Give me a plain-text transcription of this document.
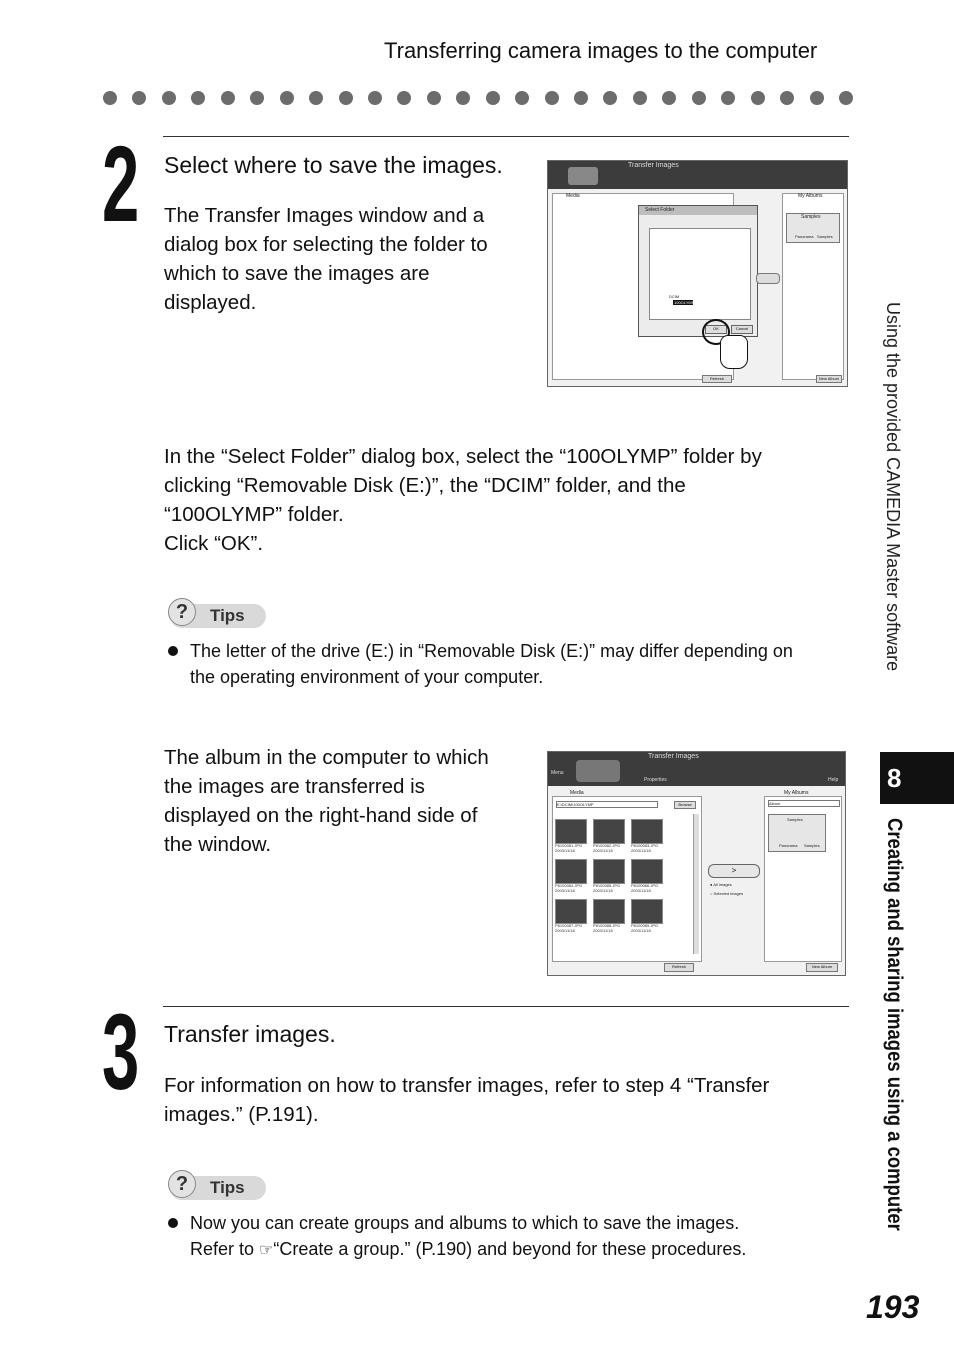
Transferring camera images to the computer
2 Select where to save the images.
The Transfer Images window and a
dialog box for selecting the folder to
which to save the images are
displayed.
Transfer Images
Media	My Albums
Samples
Panorama Samples
Select Folder
DCIM
100OLYMP
OK	Cancel
Refresh	New Album
In the “Select Folder” dialog box, select the “100OLYMP” folder by
clicking “Removable Disk (E:)”, the “DCIM” folder, and the
“100OLYMP” folder.
Click “OK”.
?	Tips
The letter of the drive (E:) in “Removable Disk (E:)” may differ depending on
the operating environment of your computer.
The album in the computer to which
the images are transferred is
displayed on the right-hand side of
the window.
Transfer Images
Menu
Properties	Help
Media
E:\DCIM\100OLYMP	Browse
P8100081.JPG
2003/11/18
P8100082.JPG
2003/11/18
P8100083.JPG
2003/11/18
P8100084.JPG
2003/11/18
P8100085.JPG
2003/11/18
P8100086.JPG
2003/11/18
P8100087.JPG
2003/11/18
P8100088.JPG
2003/11/18
P8100089.JPG
2003/11/18
Refresh
>
● All images
○ Selected images
My Albums
Album
Samples
Panorama Samples
New Album
3 Transfer images.
For information on how to transfer images, refer to step 4 “Transfer
images.” (P.191).
?	Tips
Now you can create groups and albums to which to save the images.
Refer to ☞“Create a group.” (P.190) and beyond for these procedures.
Using the provided CAMEDIA Master software
8
Creating and sharing images using a computer
193
